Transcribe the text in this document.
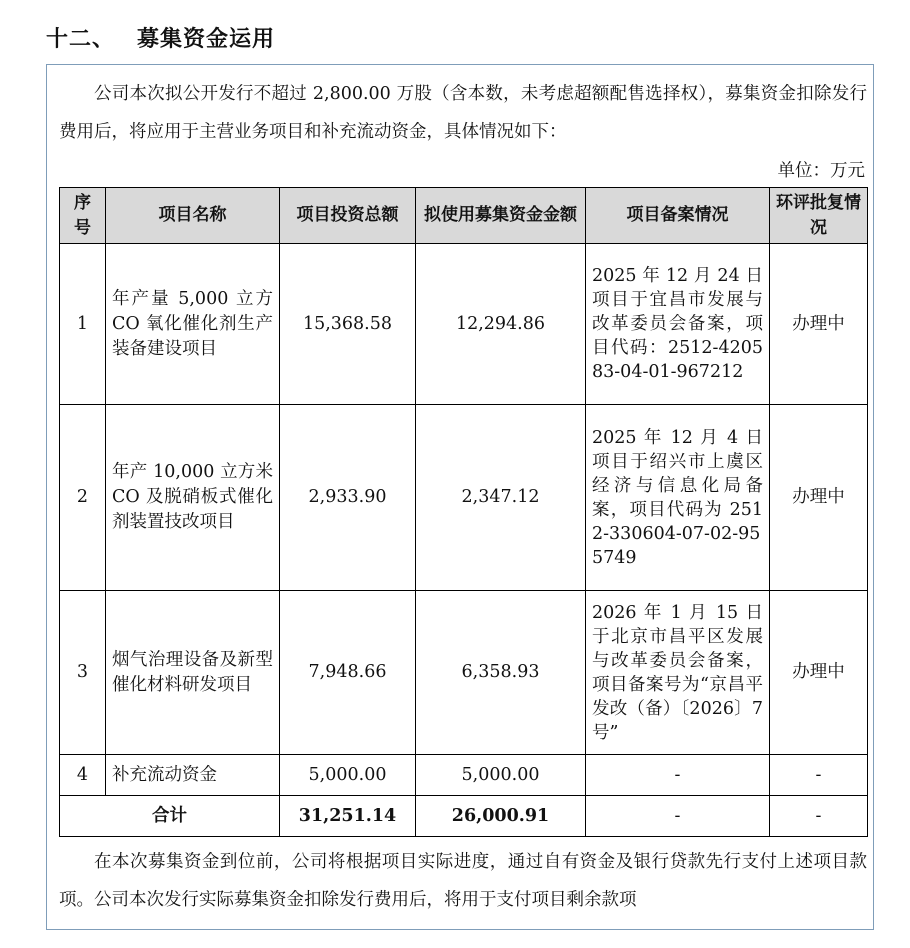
十二、 募集资金运用

公司本次拟公开发行不超过 2,800.00 万股（含本数，未考虑超额配售选择权），募集资金扣除发行费用后，将应用于主营业务项目和补充流动资金，具体情况如下：

单位：万元
序号	项目名称	项目投资总额	拟使用募集资金金额	项目备案情况	环评批复情况
1	年产量 5,000 立方 CO 氧化催化剂生产装备建设项目	15,368.58	12,294.86	2025 年 12 月 24 日项目于宜昌市发展与改革委员会备案，项目代码：2512-420583-04-01-967212	办理中
2	年产 10,000 立方米 CO 及脱硝板式催化剂装置技改项目	2,933.90	2,347.12	2025 年 12 月 4 日项目于绍兴市上虞区经济与信息化局备案，项目代码为 2512-330604-07-02-955749	办理中
3	烟气治理设备及新型催化材料研发项目	7,948.66	6,358.93	2026 年 1 月 15 日于北京市昌平区发展与改革委员会备案，项目备案号为“京昌平发改（备）〔2026〕7 号”	办理中
4	补充流动资金	5,000.00	5,000.00	-	-
合计		31,251.14	26,000.91	-	-

在本次募集资金到位前，公司将根据项目实际进度，通过自有资金及银行贷款先行支付上述项目款项。公司本次发行实际募集资金扣除发行费用后，将用于支付项目剩余款项
